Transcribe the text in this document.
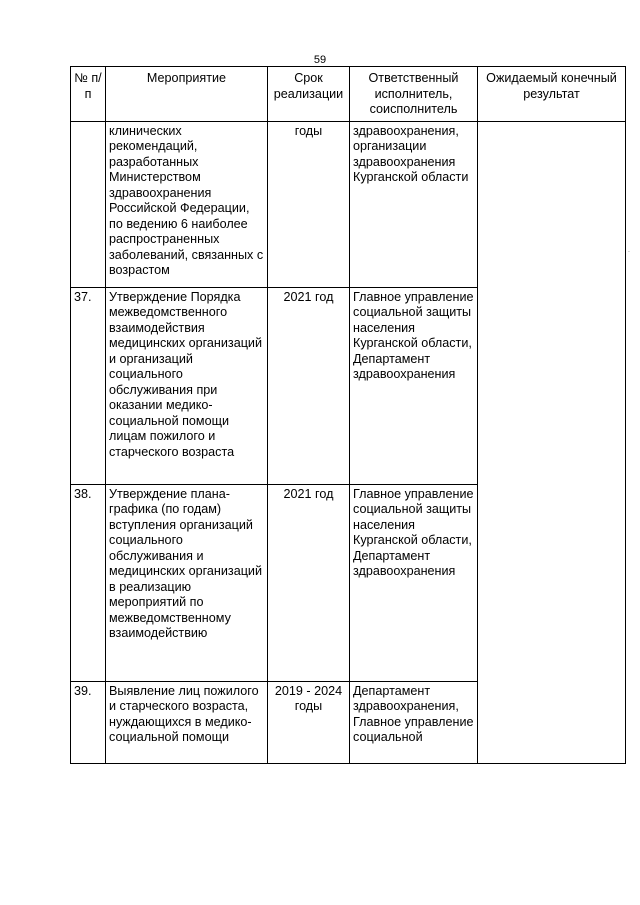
59
№ п/п	Мероприятие	Срок реализации	Ответственный исполнитель, соисполнитель	Ожидаемый конечный результат
	клинических рекомендаций, разработанных Министерством здравоохранения Российской Федерации, по ведению 6 наиболее распространенных заболеваний, связанных с возрастом	годы	здравоохранения, организации здравоохранения Курганской области	
37.	Утверждение Порядка межведомственного взаимодействия медицинских организаций и организаций социального обслуживания при оказании медико-социальной помощи лицам пожилого и старческого возраста	2021 год	Главное управление социальной защиты населения Курганской области, Департамент здравоохранения	
38.	Утверждение плана-графика (по годам) вступления организаций социального обслуживания и медицинских организаций в реализацию мероприятий по межведомственному взаимодействию	2021 год	Главное управление социальной защиты населения Курганской области, Департамент здравоохранения	
39.	Выявление лиц пожилого и старческого возраста, нуждающихся в медико-социальной помощи	2019 - 2024 годы	Департамент здравоохранения, Главное управление социальной	
˙
